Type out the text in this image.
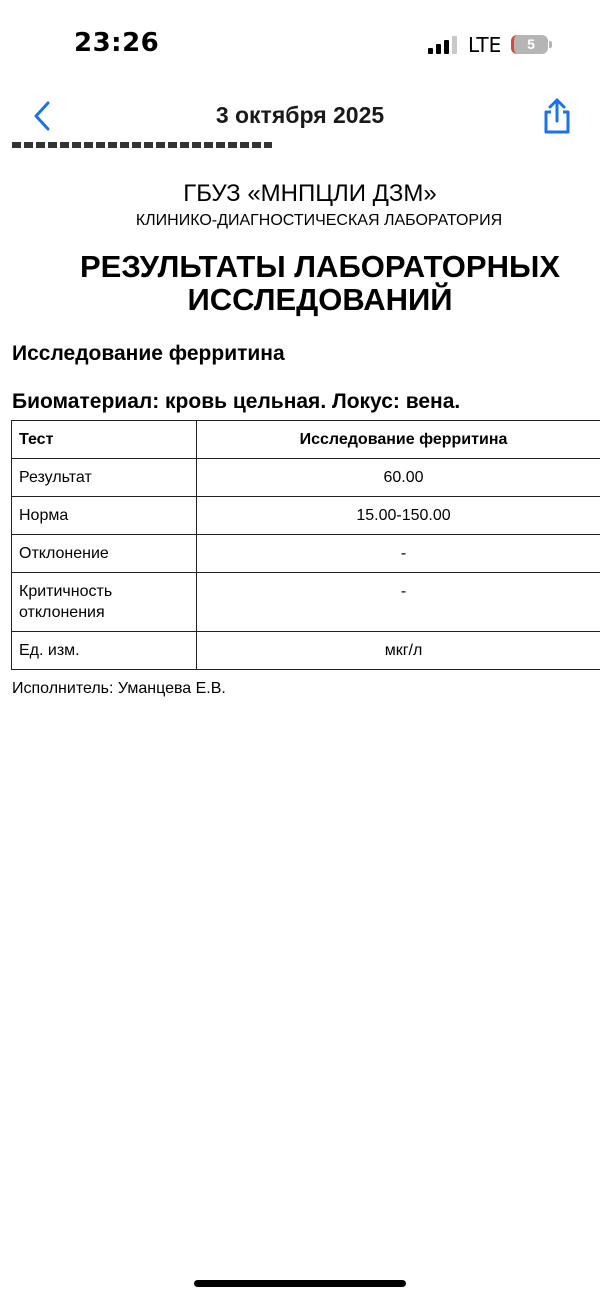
23:26	LTE	5
3 октября 2025
ГБУЗ «МНПЦЛИ ДЗМ»
КЛИНИКО-ДИАГНОСТИЧЕСКАЯ ЛАБОРАТОРИЯ
РЕЗУЛЬТАТЫ ЛАБОРАТОРНЫХ
ИССЛЕДОВАНИЙ
Исследование ферритина
Биоматериал: кровь цельная. Локус: вена.
Тест	Исследование ферритина
Результат	60.00
Норма	15.00-150.00
Отклонение	-
Критичность отклонения	-
Ед. изм.	мкг/л
Исполнитель: Уманцева Е.В.
